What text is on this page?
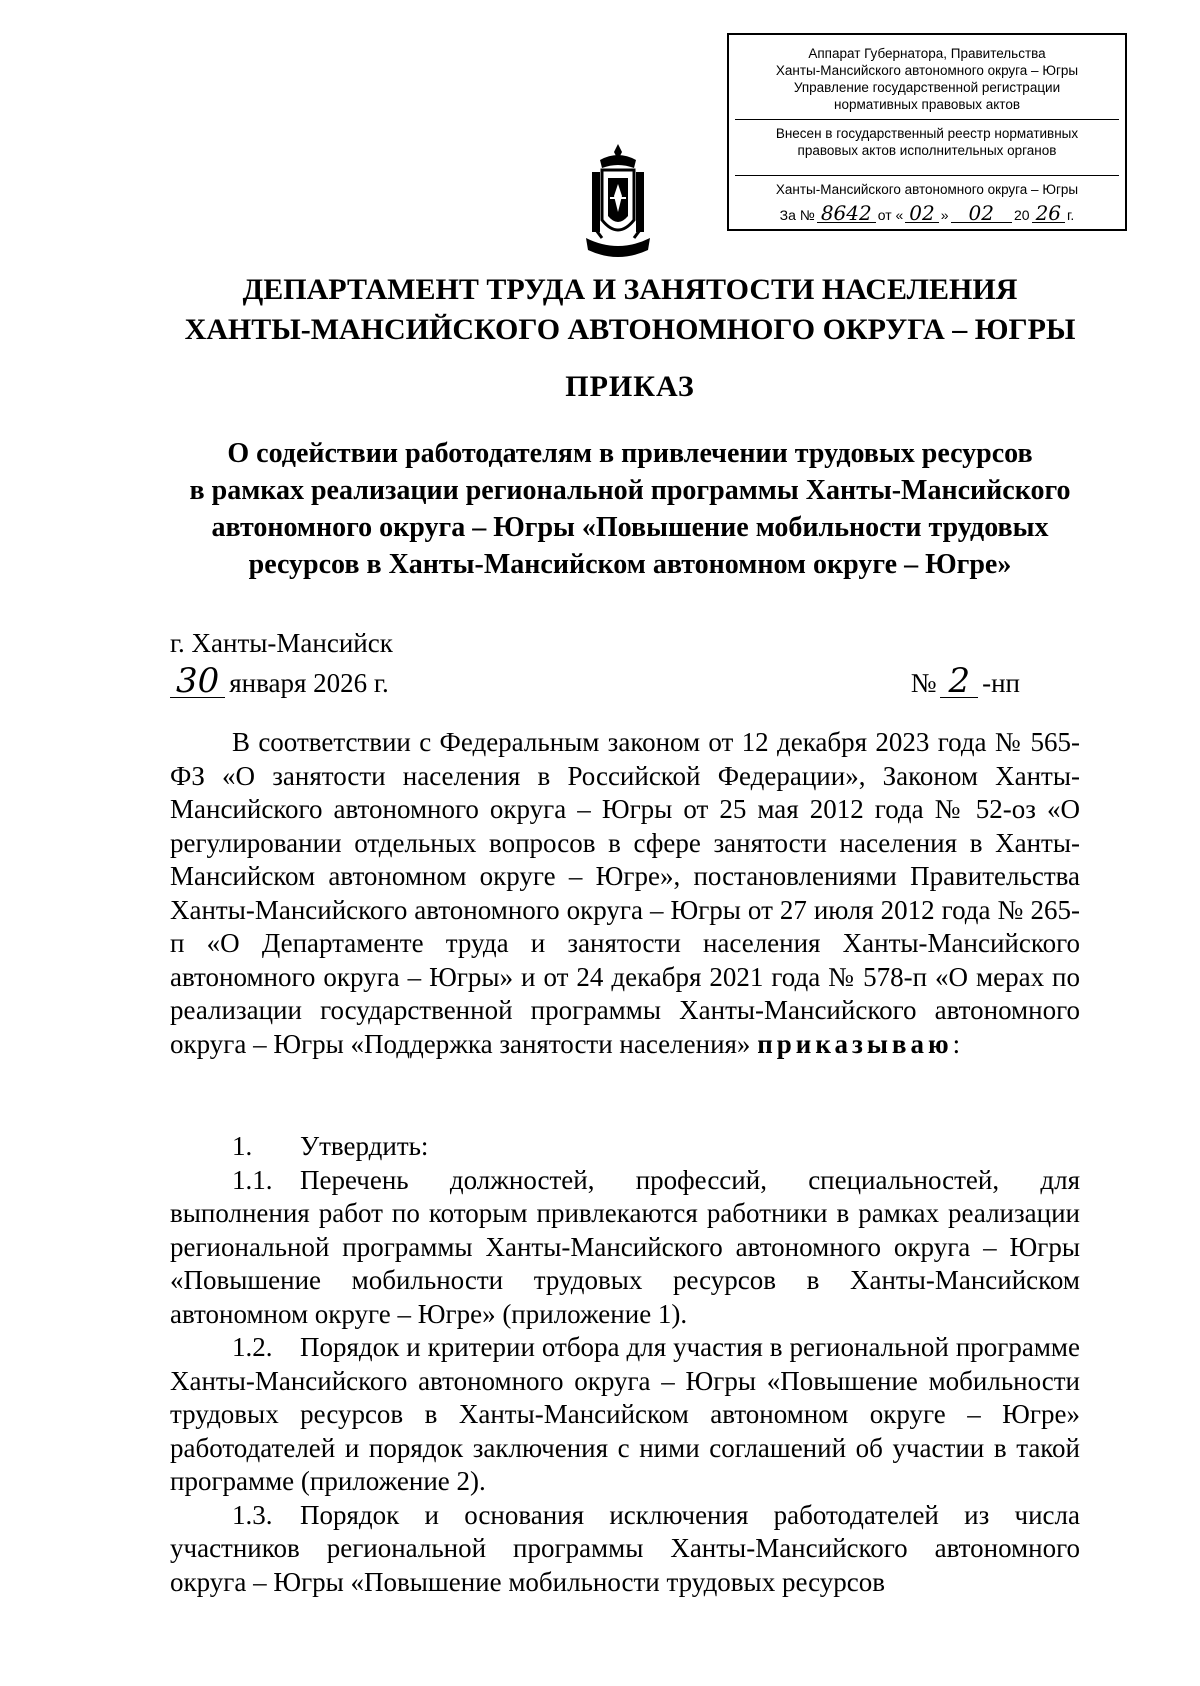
Аппарат Губернатора, Правительства
Ханты-Мансийского автономного округа – Югры
Управление государственной регистрации
нормативных правовых актов
Внесен в государственный реестр нормативных
правовых актов исполнительных органов
Ханты-Мансийского автономного округа – Югры
За № 8642 от « 02 »	02	20 26 г.
ДЕПАРТАМЕНТ ТРУДА И ЗАНЯТОСТИ НАСЕЛЕНИЯ
ХАНТЫ-МАНСИЙСКОГО АВТОНОМНОГО ОКРУГА – ЮГРЫ
ПРИКАЗ
О содействии работодателям в привлечении трудовых ресурсов
в рамках реализации региональной программы Ханты-Мансийского
автономного округа – Югры «Повышение мобильности трудовых
ресурсов в Ханты-Мансийском автономном округе – Югре»
г. Ханты-Мансийск
30 января 2026 г.	№ 2 -нп

В соответствии с Федеральным законом от 12 декабря 2023 года № 565-ФЗ «О занятости населения в Российской Федерации», Законом Ханты-Мансийского автономного округа – Югры от 25 мая 2012 года № 52-оз «О регулировании отдельных вопросов в сфере занятости населения в Ханты-Мансийском автономном округе – Югре», постановлениями Правительства Ханты-Мансийского автономного округа – Югры от 27 июля 2012 года № 265-п «О Департаменте труда и занятости населения Ханты-Мансийского автономного округа – Югры» и от 24 декабря 2021 года № 578-п «О мерах по реализации государственной программы Ханты-Мансийского автономного округа – Югры «Поддержка занятости населения» приказываю:

1. Утвердить:

1.1. Перечень должностей, профессий, специальностей, для выполнения работ по которым привлекаются работники в рамках реализации региональной программы Ханты-Мансийского автономного округа – Югры «Повышение мобильности трудовых ресурсов в Ханты-Мансийском автономном округе – Югре» (приложение 1).

1.2. Порядок и критерии отбора для участия в региональной программе Ханты-Мансийского автономного округа – Югры «Повышение мобильности трудовых ресурсов в Ханты-Мансийском автономном округе – Югре» работодателей и порядок заключения с ними соглашений об участии в такой программе (приложение 2).

1.3. Порядок и основания исключения работодателей из числа участников региональной программы Ханты-Мансийского автономного округа – Югры «Повышение мобильности трудовых ресурсов
